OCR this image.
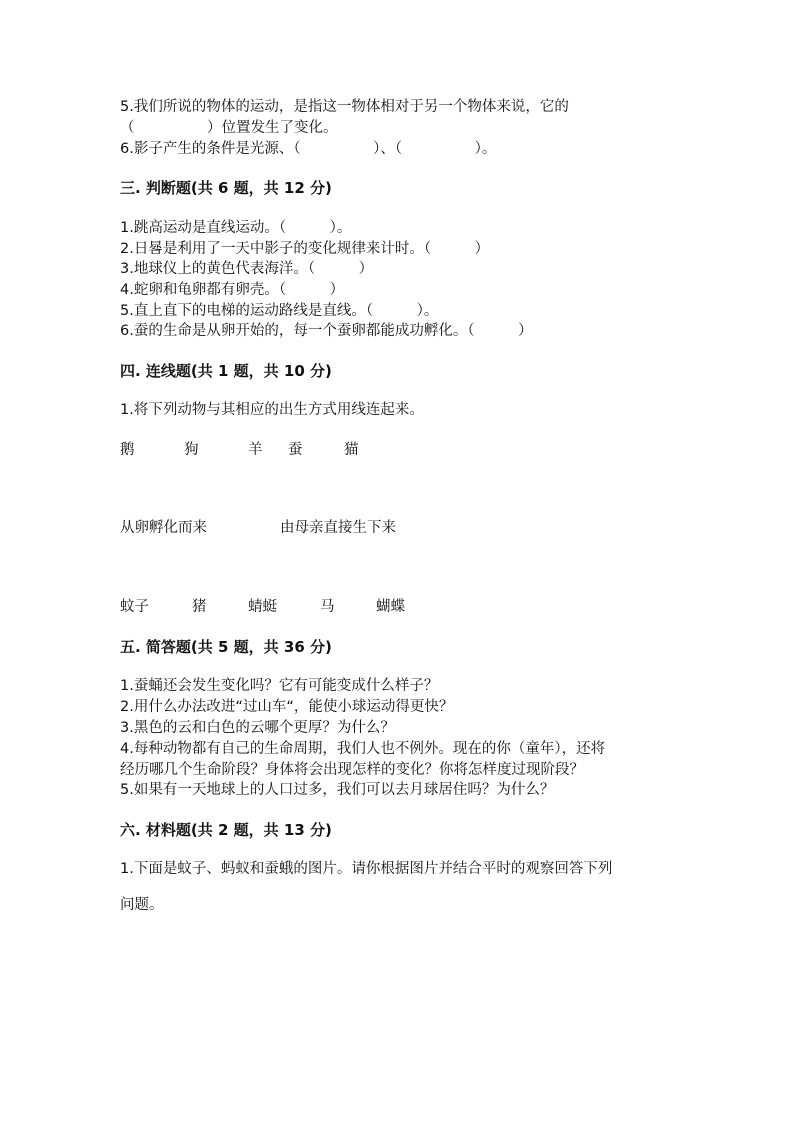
5.我们所说的物体的运动，是指这一物体相对于另一个物体来说，它的
（　　　　　）位置发生了变化。
6.影子产生的条件是光源、（　　　　　）、（　　　　　）。
三. 判断题(共 6 题，共 12 分)
1.跳高运动是直线运动。（　　　）。
2.日晷是利用了一天中影子的变化规律来计时。（　　　）
3.地球仪上的黄色代表海洋。（　　　）
4.蛇卵和龟卵都有卵壳。（　　　）
5.直上直下的电梯的运动路线是直线。（　　　）。
6.蚕的生命是从卵开始的，每一个蚕卵都能成功孵化。（　　　）
四. 连线题(共 1 题，共 10 分)
1.将下列动物与其相应的出生方式用线连起来。

鹅

	狗

	羊

蚕

	猫

从卵孵化而来

	由母亲直接生下来

蚊子

	猪

	蜻蜓

	马

	蝴蝶

五. 简答题(共 5 题，共 36 分)
1.蚕蛹还会发生变化吗？它有可能变成什么样子？
2.用什么办法改进“过山车“，能使小球运动得更快？
3.黑色的云和白色的云哪个更厚？为什么？
4.每种动物都有自己的生命周期，我们人也不例外。现在的你（童年），还将
经历哪几个生命阶段？身体将会出现怎样的变化？你将怎样度过现阶段？
5.如果有一天地球上的人口过多，我们可以去月球居住吗？为什么？
六. 材料题(共 2 题，共 13 分)
1.下面是蚊子、蚂蚁和蚕蛾的图片。请你根据图片并结合平时的观察回答下列
问题。
